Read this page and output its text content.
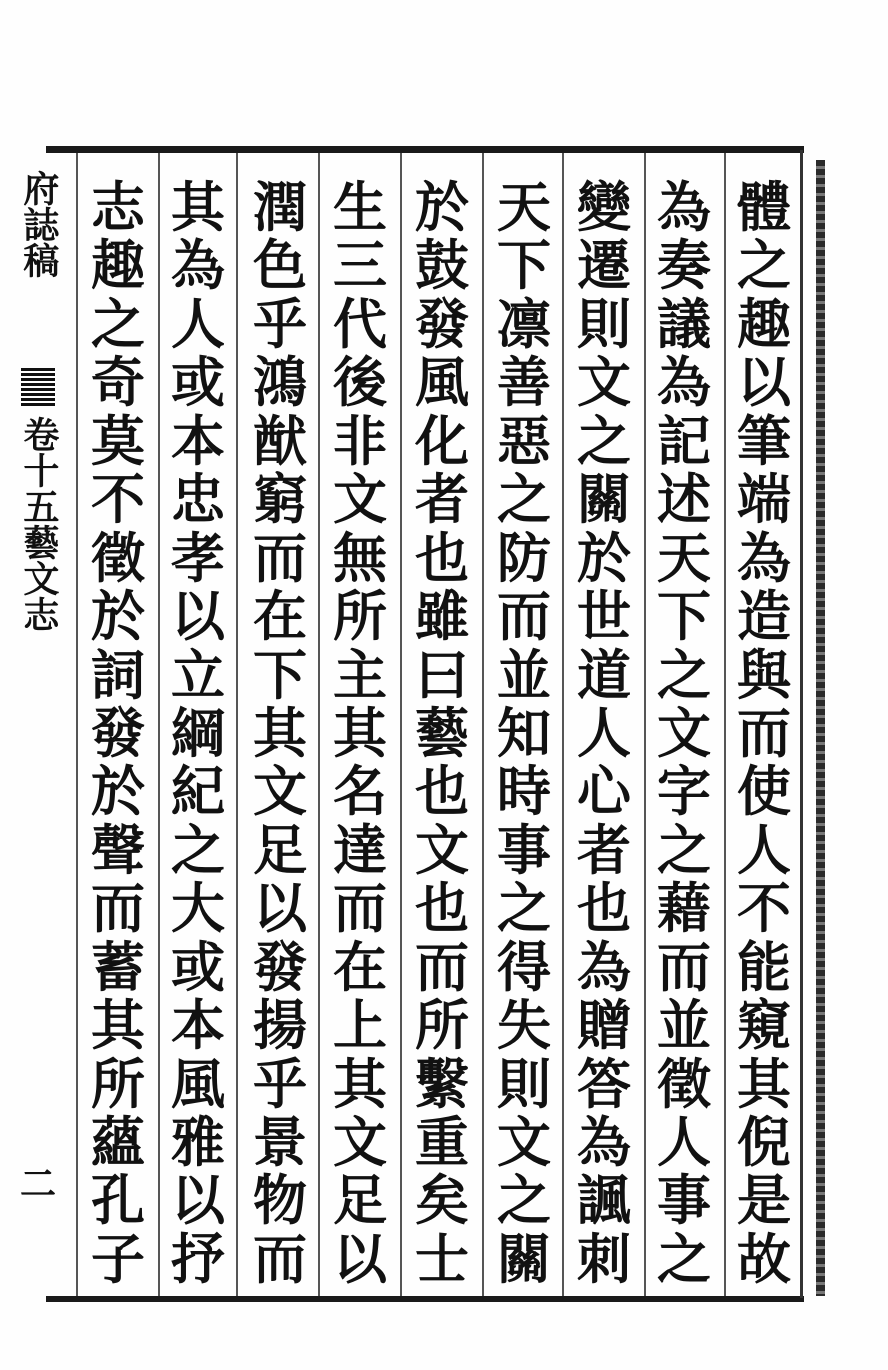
體
之
趣
以
筆
端
為
造
與
而
使
人
不
能
窺
其
倪
是
故
為
奏
議
為
記
述
天
下
之
文
字
之
藉
而
並
徵
人
事
之
變
遷
則
文
之
關
於
世
道
人
心
者
也
為
贈
答
為
諷
刺
天
下
凛
善
惡
之
防
而
並
知
時
事
之
得
失
則
文
之
關
於
鼓
發
風
化
者
也
雖
曰
藝
也
文
也
而
所
繫
重
矣
士
生
三
代
後
非
文
無
所
主
其
名
達
而
在
上
其
文
足
以
潤
色
乎
鴻
猷
窮
而
在
下
其
文
足
以
發
揚
乎
景
物
而
其
為
人
或
本
忠
孝
以
立
綱
紀
之
大
或
本
風
雅
以
抒
志
趣
之
奇
莫
不
徵
於
詞
發
於
聲
而
蓄
其
所
蘊
孔
子
府誌稿
卷十五藝文志
二
